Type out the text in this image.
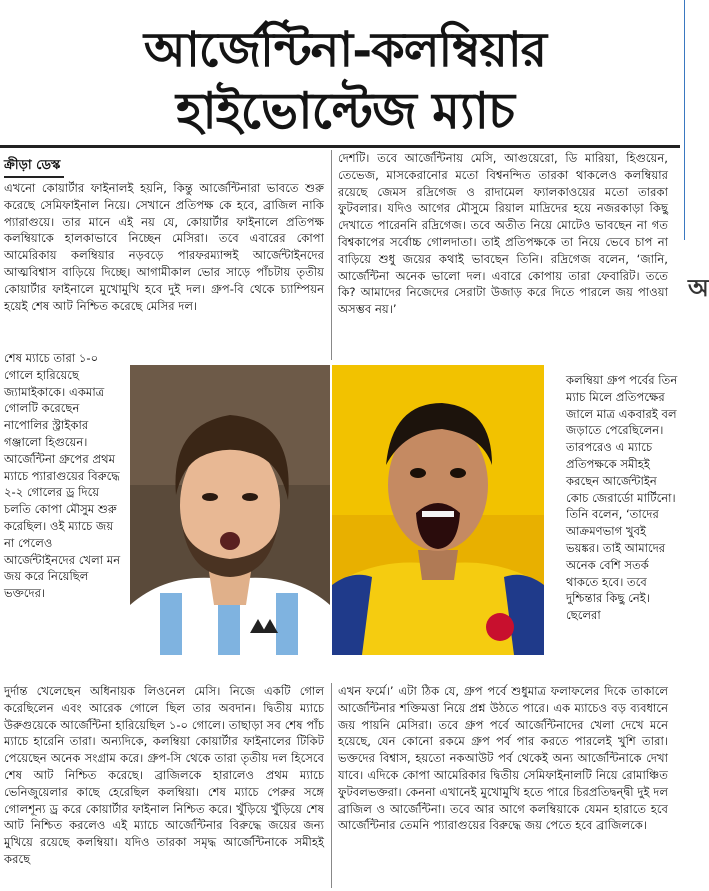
আর্জেন্টিনা-কলম্বিয়ার
হাইভোল্টেজ ম্যাচ
ক্রীড়া ডেস্ক

এখনো কোয়ার্টার ফাইনালই হয়নি, কিন্তু আর্জেন্টিনারা ভাবতে শুরু করেছে সেমিফাইনাল নিয়ে। সেখানে প্রতিপক্ষ কে হবে, ব্রাজিল নাকি প্যারাগুয়ে। তার মানে এই নয় যে, কোয়ার্টার ফাইনালে প্রতিপক্ষ কলম্বিয়াকে হালকাভাবে নিচ্ছেন মেসিরা। তবে এবারের কোপা আমেরিকায় কলম্বিয়ার নড়বড়ে পারফরম্যান্সই আর্জেন্টাইনদের আত্মবিশ্বাস বাড়িয়ে দিচ্ছে। আগামীকাল ভোর সাড়ে পাঁচটায় তৃতীয় কোয়ার্টার ফাইনালে মুখোমুখি হবে দুই দল। গ্রুপ-বি থেকে চ্যাম্পিয়ন হয়েই শেষ আট নিশ্চিত করেছে মেসির দল।

দেশটি। তবে আর্জেন্টিনায় মেসি, আগুয়েরো, ডি মারিয়া, হিগুয়েন, তেভেজ, মাসকেরানোর মতো বিশ্বনন্দিত তারকা থাকলেও কলম্বিয়ার রয়েছে জেমস রদ্রিগেজ ও রাদামেল ফ্যালকাওয়ের মতো তারকা ফুটবলার। যদিও আগের মৌসুমে রিয়াল মাদ্রিদের হয়ে নজরকাড়া কিছু দেখাতে পারেননি রদ্রিগেজ। তবে অতীত নিয়ে মোটেও ভাবছেন না গত বিশ্বকাপের সর্বোচ্চ গোলদাতা। তাই প্রতিপক্ষকে তা নিয়ে ভেবে চাপ না বাড়িয়ে শুধু জয়ের কথাই ভাবছেন তিনি। রদ্রিগেজ বলেন, ‘জানি, আর্জেন্টিনা অনেক ভালো দল। এবারে কোপায় তারা ফেবারিট। ততে কি? আমাদের নিজেদের সেরাটা উজাড় করে দিতে পারলে জয় পাওয়া অসম্ভব নয়।’

শেষ ম্যাচে তারা ১-০ গোলে হারিয়েছে জ্যামাইকাকে। একমাত্র গোলটি করেছেন নাপোলির স্ট্রাইকার গঞ্জালো হিগুয়েন। আর্জেন্টিনা গ্রুপের প্রথম ম্যাচে প্যারাগুয়ের বিরুদ্ধে ২-২ গোলের ড্র দিয়ে চলতি কোপা মৌসুম শুরু করেছিল। ওই ম্যাচে জয় না পেলেও আর্জেন্টাইনদের খেলা মন জয় করে নিয়েছিল ভক্তদের।

কলম্বিয়া গ্রুপ পর্বের তিন ম্যাচ মিলে প্রতিপক্ষের জালে মাত্র একবারই বল জড়াতে পেরেছিলেন। তারপরেও এ ম্যাচে প্রতিপক্ষকে সমীহই করছেন আর্জেন্টাইন কোচ জেরার্ডো মার্টিনো। তিনি বলেন, ‘তাদের আক্রমণভাগ খুবই ভয়ঙ্কর। তাই আমাদের অনেক বেশি সতর্ক থাকতে হবে। তবে দুশ্চিন্তার কিছু নেই। ছেলেরা

দুর্দান্ত খেলেছেন অধিনায়ক লিওনেল মেসি। নিজে একটি গোল করেছিলেন এবং আরেক গোলে ছিল তার অবদান। দ্বিতীয় ম্যাচে উরুগুয়েকে আর্জেন্টিনা হারিয়েছিল ১-০ গোলে। তাছাড়া সব শেষ পাঁচ ম্যাচে হারেনি তারা। অন্যদিকে, কলম্বিয়া কোয়ার্টার ফাইনালের টিকিট পেয়েছেন অনেক সংগ্রাম করে। গ্রুপ-সি থেকে তারা তৃতীয় দল হিসেবে শেষ আট নিশ্চিত করেছে। ব্রাজিলকে হারালেও প্রথম ম্যাচে ভেনিজুয়েলার কাছে হেরেছিল কলম্বিয়া। শেষ ম্যাচে পেরুর সঙ্গে গোলশূন্য ড্র করে কোয়ার্টার ফাইনাল নিশ্চিত করে। খুঁড়িয়ে খুঁড়িয়ে শেষ আট নিশ্চিত করলেও এই ম্যাচে আর্জেন্টিনার বিরুদ্ধে জয়ের জন্য মুখিয়ে রয়েছে কলম্বিয়া। যদিও তারকা সমৃদ্ধ আর্জেন্টিনাকে সমীহই করছে

এখন ফর্মে।’ এটা ঠিক যে, গ্রুপ পর্বে শুধুমাত্র ফলাফলের দিকে তাকালে আর্জেন্টিনার শক্তিমত্তা নিয়ে প্রশ্ন উঠতে পারে। এক ম্যাচেও বড় ব্যবধানে জয় পায়নি মেসিরা। তবে গ্রুপ পর্বে আর্জেন্টিনাদের খেলা দেখে মনে হয়েছে, যেন কোনো রকমে গ্রুপ পর্ব পার করতে পারলেই খুশি তারা। ভক্তদের বিশ্বাস, হয়তো নকআউট পর্ব থেকেই অন্য আর্জেন্টিনাকে দেখা যাবে। এদিকে কোপা আমেরিকার দ্বিতীয় সেমিফাইনালটি নিয়ে রোমাঞ্চিত ফুটবলভক্তরা। কেননা এখানেই মুখোমুখি হতে পারে চিরপ্রতিদ্বন্দ্বী দুই দল ব্রাজিল ও আর্জেন্টিনা। তবে আর আগে কলম্বিয়াকে যেমন হারাতে হবে আর্জেন্টিনার তেমনি প্যারাগুয়ের বিরুদ্ধে জয় পেতে হবে ব্রাজিলকে।

অ
